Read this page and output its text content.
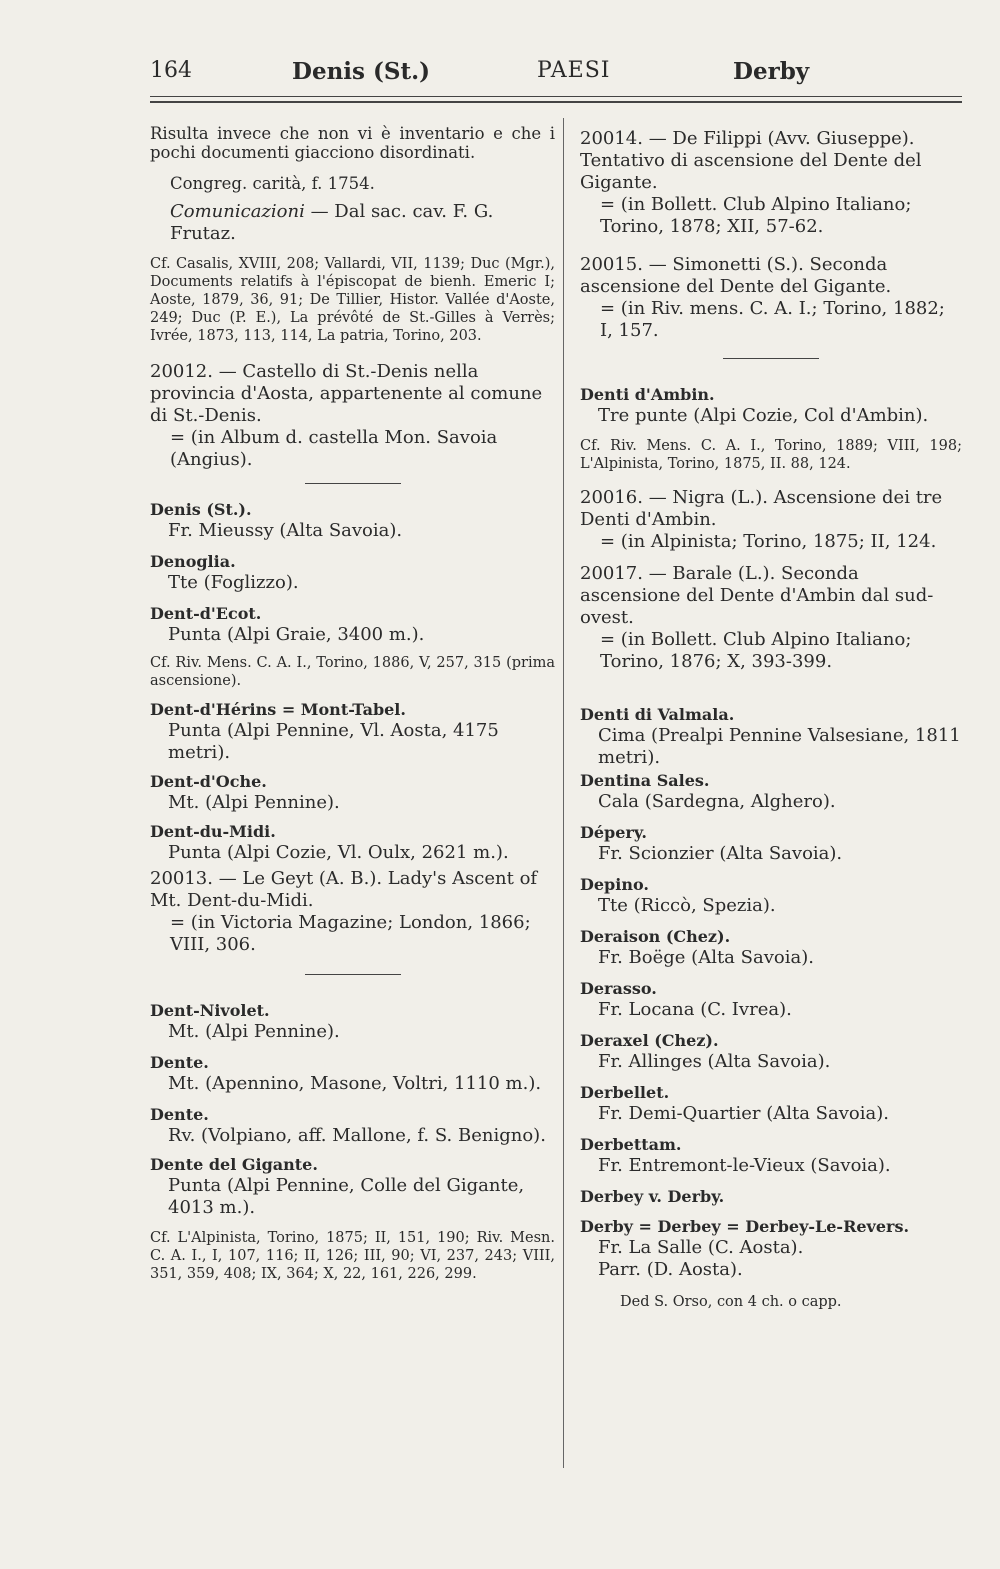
164	Denis (St.)	PAESI	Derby

Risulta invece che non vi è inventario e che i pochi documenti giacciono disordinati.

Congreg. carità, f. 1754.

Comunicazioni — Dal sac. cav. F. G. Frutaz.

Cf. Casalis, XVIII, 208; Vallardi, VII, 1139; Duc (Mgr.), Documents relatifs à l'épiscopat de bienh. Emeric I; Aoste, 1879, 36, 91; De Tillier, Histor. Vallée d'Aoste, 249; Duc (P. E.), La prévôté de St.-Gilles à Verrès; Ivrée, 1873, 113, 114, La patria, Torino, 203.

20012. — Castello di St.-Denis nella provincia d'Aosta, appartenente al comune di St.-Denis.

= (in Album d. castella Mon. Savoia (Angius).

Denis (St.).

Fr. Mieussy (Alta Savoia).

Denoglia.

Tte (Foglizzo).

Dent-d'Ecot.

Punta (Alpi Graie, 3400 m.).

Cf. Riv. Mens. C. A. I., Torino, 1886, V, 257, 315 (prima ascensione).

Dent-d'Hérins = Mont-Tabel.

Punta (Alpi Pennine, Vl. Aosta, 4175 metri).

Dent-d'Oche.

Mt. (Alpi Pennine).

Dent-du-Midi.

Punta (Alpi Cozie, Vl. Oulx, 2621 m.).

20013. — Le Geyt (A. B.). Lady's Ascent of Mt. Dent-du-Midi.

= (in Victoria Magazine; London, 1866; VIII, 306.

Dent-Nivolet.

Mt. (Alpi Pennine).

Dente.

Mt. (Apennino, Masone, Voltri, 1110 m.).

Dente.

Rv. (Volpiano, aff. Mallone, f. S. Benigno).

Dente del Gigante.

Punta (Alpi Pennine, Colle del Gigante, 4013 m.).

Cf. L'Alpinista, Torino, 1875; II, 151, 190; Riv. Mesn. C. A. I., I, 107, 116; II, 126; III, 90; VI, 237, 243; VIII, 351, 359, 408; IX, 364; X, 22, 161, 226, 299.

20014. — De Filippi (Avv. Giuseppe). Tentativo di ascensione del Dente del Gigante.

= (in Bollett. Club Alpino Italiano; Torino, 1878; XII, 57-62.

20015. — Simonetti (S.). Seconda ascensione del Dente del Gigante.

= (in Riv. mens. C. A. I.; Torino, 1882; I, 157.

Denti d'Ambin.

Tre punte (Alpi Cozie, Col d'Ambin).

Cf. Riv. Mens. C. A. I., Torino, 1889; VIII, 198; L'Alpinista, Torino, 1875, II. 88, 124.

20016. — Nigra (L.). Ascensione dei tre Denti d'Ambin.

= (in Alpinista; Torino, 1875; II, 124.

20017. — Barale (L.). Seconda ascensione del Dente d'Ambin dal sud-ovest.

= (in Bollett. Club Alpino Italiano; Torino, 1876; X, 393-399.

Denti di Valmala.

Cima (Prealpi Pennine Valsesiane, 1811 metri).

Dentina Sales.

Cala (Sardegna, Alghero).

Dépery.

Fr. Scionzier (Alta Savoia).

Depino.

Tte (Riccò, Spezia).

Deraison (Chez).

Fr. Boëge (Alta Savoia).

Derasso.

Fr. Locana (C. Ivrea).

Deraxel (Chez).

Fr. Allinges (Alta Savoia).

Derbellet.

Fr. Demi-Quartier (Alta Savoia).

Derbettam.

Fr. Entremont-le-Vieux (Savoia).

Derbey v. Derby.

Derby = Derbey = Derbey-Le-Revers.

Fr. La Salle (C. Aosta).

Parr. (D. Aosta).

Ded S. Orso, con 4 ch. o capp.
